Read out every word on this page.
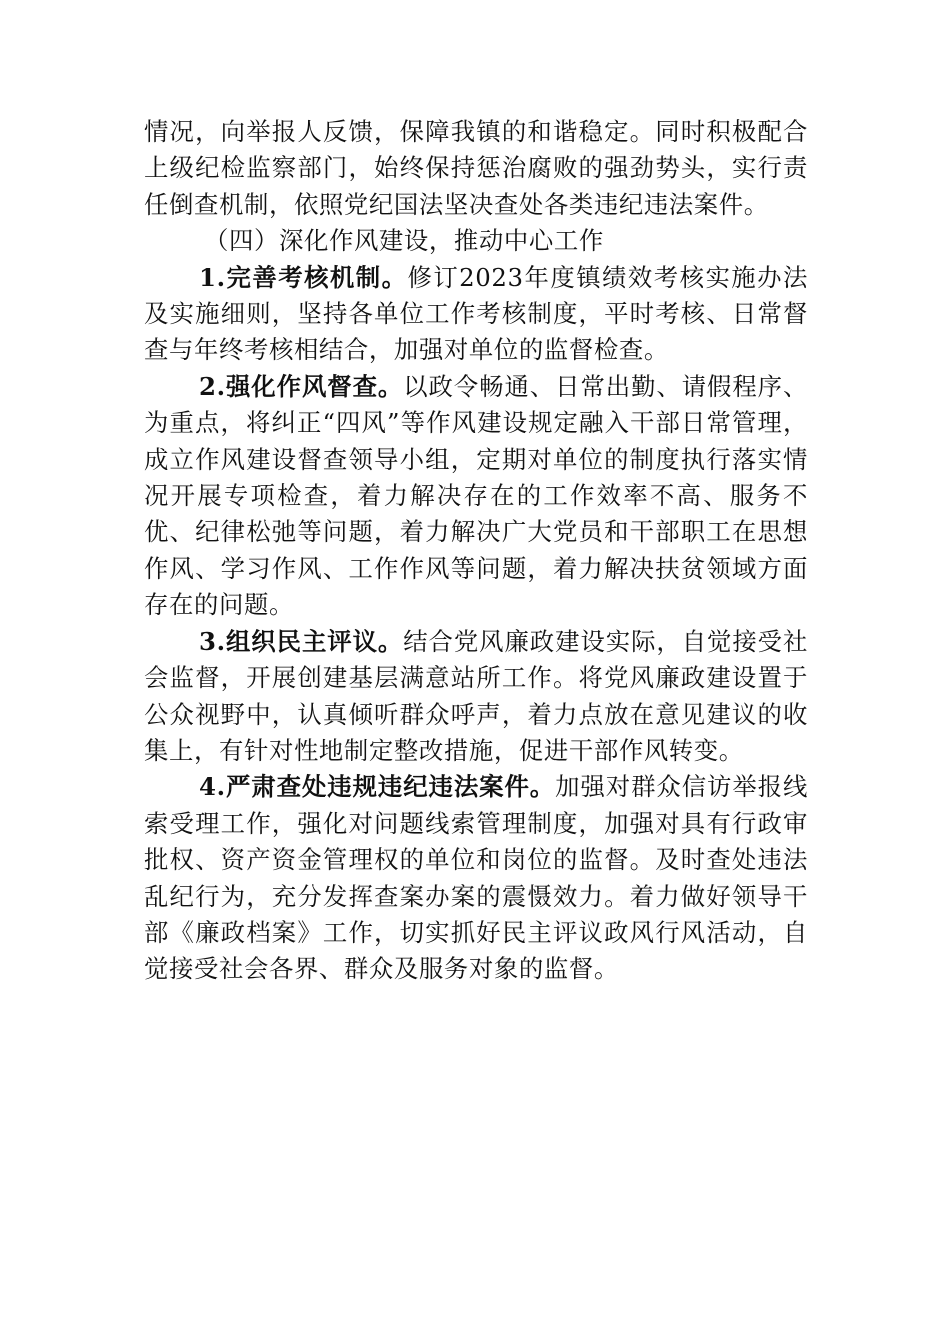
情况，向举报人反馈，保障我镇的和谐稳定。同时积极配合上级纪检监察部门，始终保持惩治腐败的强劲势头，实行责任倒查机制，依照党纪国法坚决查处各类违纪违法案件。

（四）深化作风建设，推动中心工作

1.完善考核机制。修订2023年度镇绩效考核实施办法及实施细则，坚持各单位工作考核制度，平时考核、日常督查与年终考核相结合，加强对单位的监督检查。

2.强化作风督查。以政令畅通、日常出勤、请假程序、为重点，将纠正“四风”等作风建设规定融入干部日常管理，成立作风建设督查领导小组，定期对单位的制度执行落实情况开展专项检查，着力解决存在的工作效率不高、服务不优、纪律松弛等问题，着力解决广大党员和干部职工在思想作风、学习作风、工作作风等问题，着力解决扶贫领域方面存在的问题。

3.组织民主评议。结合党风廉政建设实际，自觉接受社会监督，开展创建基层满意站所工作。将党风廉政建设置于公众视野中，认真倾听群众呼声，着力点放在意见建议的收集上，有针对性地制定整改措施，促进干部作风转变。

4.严肃查处违规违纪违法案件。加强对群众信访举报线索受理工作，强化对问题线索管理制度，加强对具有行政审批权、资产资金管理权的单位和岗位的监督。及时查处违法乱纪行为，充分发挥查案办案的震慑效力。着力做好领导干部《廉政档案》工作，切实抓好民主评议政风行风活动，自觉接受社会各界、群众及服务对象的监督。
